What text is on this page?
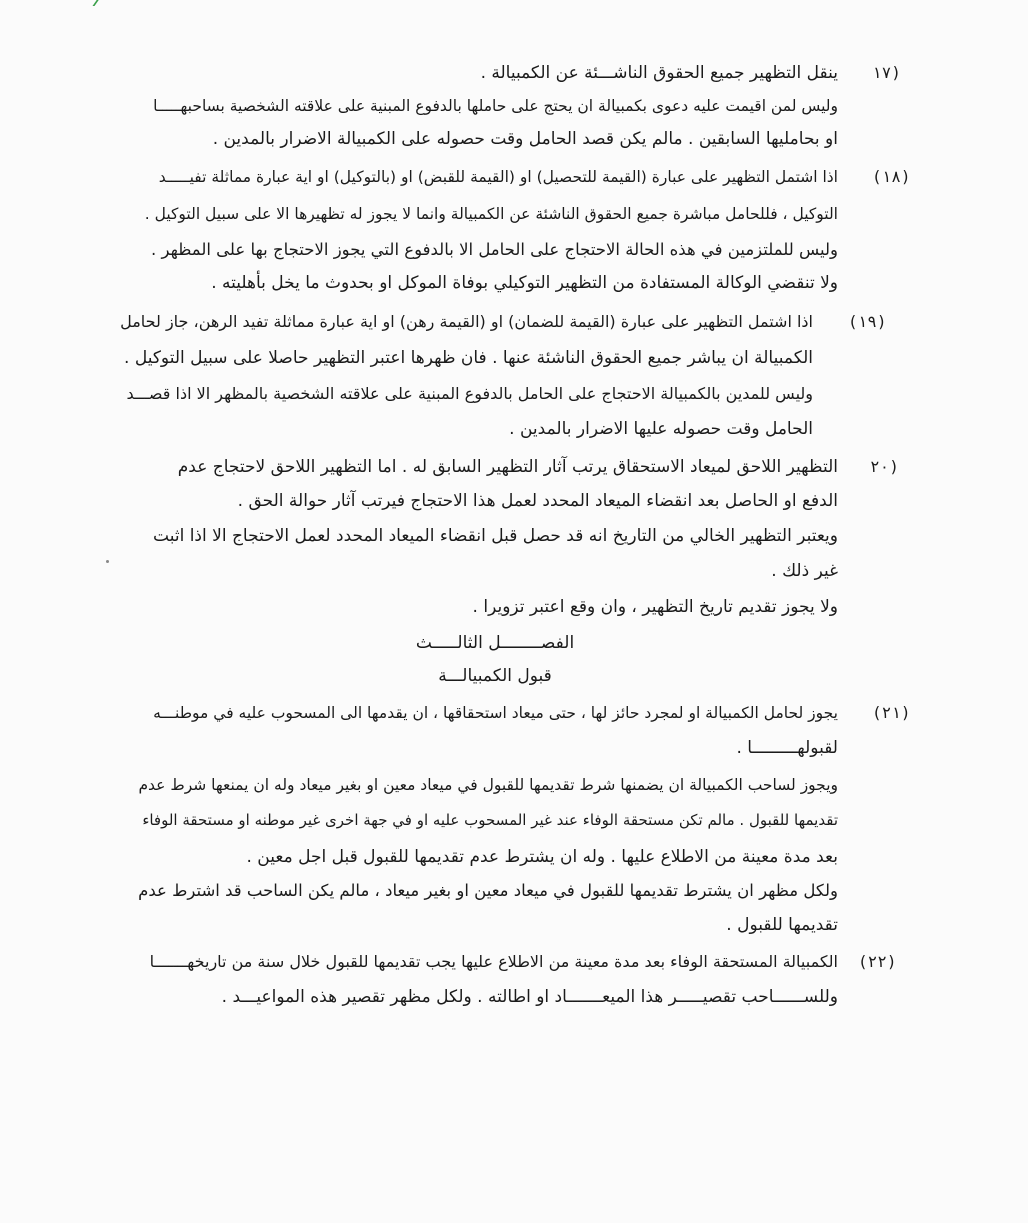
١٧)
ينقل التظهير جميع الحقوق الناشـــئة عن الكمبيالة .
وليس لمن اقيمت عليه دعوى بكمبيالة ان يحتج على حاملها بالدفوع المبنية على علاقته الشخصية بساحبهـــــا
او بحامليها السابقين . مالم يكن قصد الحامل وقت حصوله على الكمبيالة الاضرار بالمدين .
(١٨)
اذا اشتمل التظهير على عبارة (القيمة للتحصيل) او (القيمة للقبض) او (بالتوكيل) او اية عبارة مماثلة تفيـــــد
التوكيل ، فللحامل مباشرة جميع الحقوق الناشئة عن الكمبيالة وانما لا يجوز له تظهيرها الا على سبيل التوكيل .
وليس للملتزمين في هذه الحالة الاحتجاج على الحامل الا بالدفوع التي يجوز الاحتجاج بها على المظهر .
ولا تنقضي الوكالة المستفادة من التظهير التوكيلي بوفاة الموكل او بحدوث ما يخل بأهليته .
(١٩)
اذا اشتمل التظهير على عبارة (القيمة للضمان) او (القيمة رهن) او اية عبارة مماثلة تفيد الرهن، جاز لحامل
الكمبيالة ان يباشر جميع الحقوق الناشئة عنها . فان ظهرها اعتبر التظهير حاصلا على سبيل التوكيل .
وليس للمدين بالكمبيالة الاحتجاج على الحامل بالدفوع المبنية على علاقته الشخصية بالمظهر الا اذا قصـــد
الحامل وقت حصوله عليها الاضرار بالمدين .
٢٠)
التظهير اللاحق لميعاد الاستحقاق يرتب آثار التظهير السابق له . اما التظهير اللاحق لاحتجاج عدم
الدفع او الحاصل بعد انقضاء الميعاد المحدد لعمل هذا الاحتجاج فيرتب آثار حوالة الحق .
ويعتبر التظهير الخالي من التاريخ انه قد حصل قبل انقضاء الميعاد المحدد لعمل الاحتجاج الا اذا اثبت
غير ذلك .
ولا يجوز تقديم تاريخ التظهير ، وان وقع اعتبر تزويرا .
الفصــــــــل الثالـــــث
قبول الكمبيالـــة
(٢١)
يجوز لحامل الكمبيالة او لمجرد حائز لها ، حتى ميعاد استحقاقها ، ان يقدمها الى المسحوب عليه في موطنـــه
لقبولهـــــــــا .
ويجوز لساحب الكمبيالة ان يضمنها شرط تقديمها للقبول في ميعاد معين او بغير ميعاد وله ان يمنعها شرط عدم
تقديمها للقبول . مالم تكن مستحقة الوفاء عند غير المسحوب عليه او في جهة اخرى غير موطنه او مستحقة الوفاء
بعد مدة معينة من الاطلاع عليها . وله ان يشترط عدم تقديمها للقبول قبل اجل معين .
ولكل مظهر ان يشترط تقديمها للقبول في ميعاد معين او بغير ميعاد ، مالم يكن الساحب قد اشترط عدم
تقديمها للقبول .
(٢٢)
الكمبيالة المستحقة الوفاء بعد مدة معينة من الاطلاع عليها يجب تقديمها للقبول خلال سنة من تاريخهـــــــا
وللســــــاحب تقصيـــــر هذا الميعـــــــاد او اطالته . ولكل مظهر تقصير هذه المواعيـــد .
